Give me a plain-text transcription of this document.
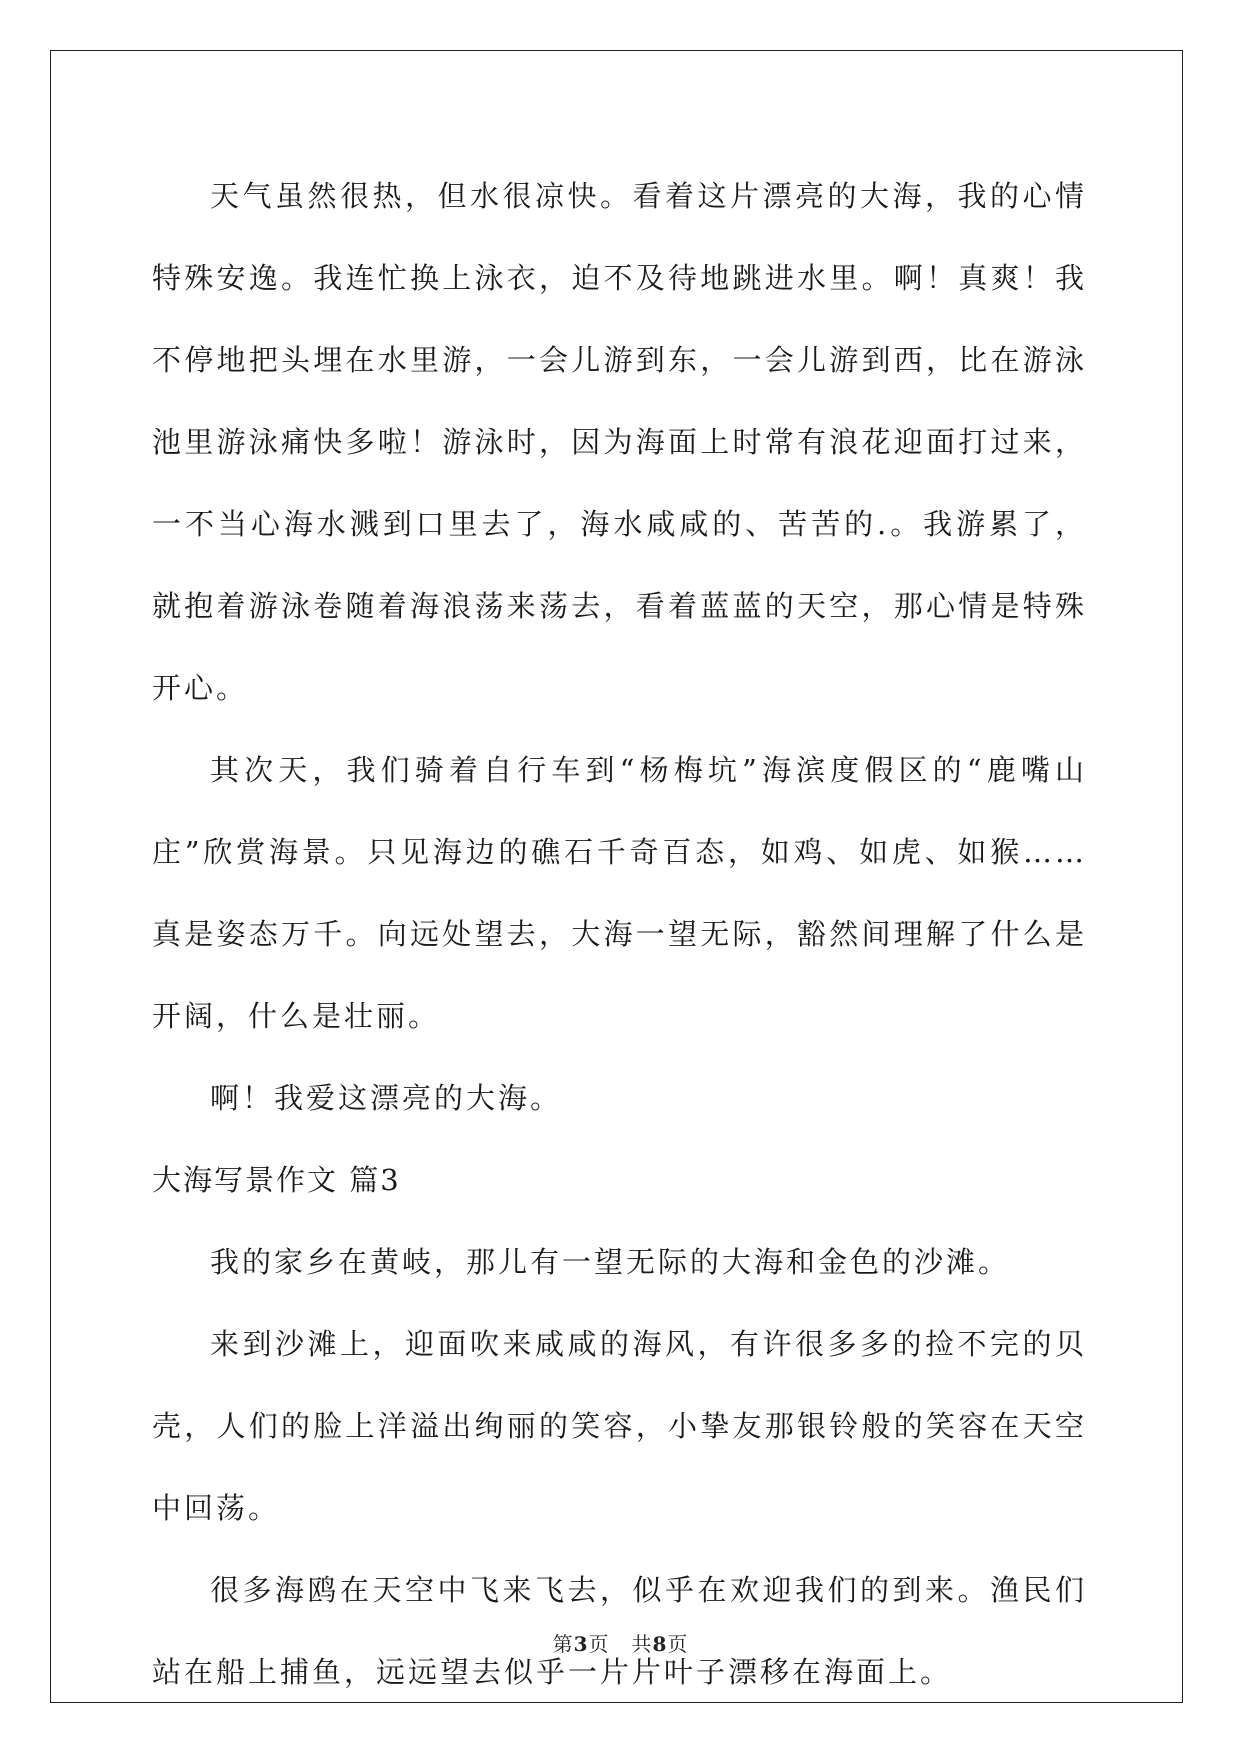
天气虽然很热，但水很凉快。看着这片漂亮的大海，我的心情特殊安逸。我连忙换上泳衣，迫不及待地跳进水里。啊！真爽！我不停地把头埋在水里游，一会儿游到东，一会儿游到西，比在游泳池里游泳痛快多啦！游泳时，因为海面上时常有浪花迎面打过来，一不当心海水溅到口里去了，海水咸咸的、苦苦的.。我游累了，就抱着游泳卷随着海浪荡来荡去，看着蓝蓝的天空，那心情是特殊开心。

其次天，我们骑着自行车到“杨梅坑”海滨度假区的“鹿嘴山庄”欣赏海景。只见海边的礁石千奇百态，如鸡、如虎、如猴……真是姿态万千。向远处望去，大海一望无际，豁然间理解了什么是开阔，什么是壮丽。

啊！我爱这漂亮的大海。

大海写景作文 篇3

我的家乡在黄岐，那儿有一望无际的大海和金色的沙滩。

来到沙滩上，迎面吹来咸咸的海风，有许很多多的捡不完的贝壳，人们的脸上洋溢出绚丽的笑容，小挚友那银铃般的笑容在天空中回荡。

很多海鸥在天空中飞来飞去，似乎在欢迎我们的到来。渔民们站在船上捕鱼，远远望去似乎一片片叶子漂移在海面上。

第3页 共8页
